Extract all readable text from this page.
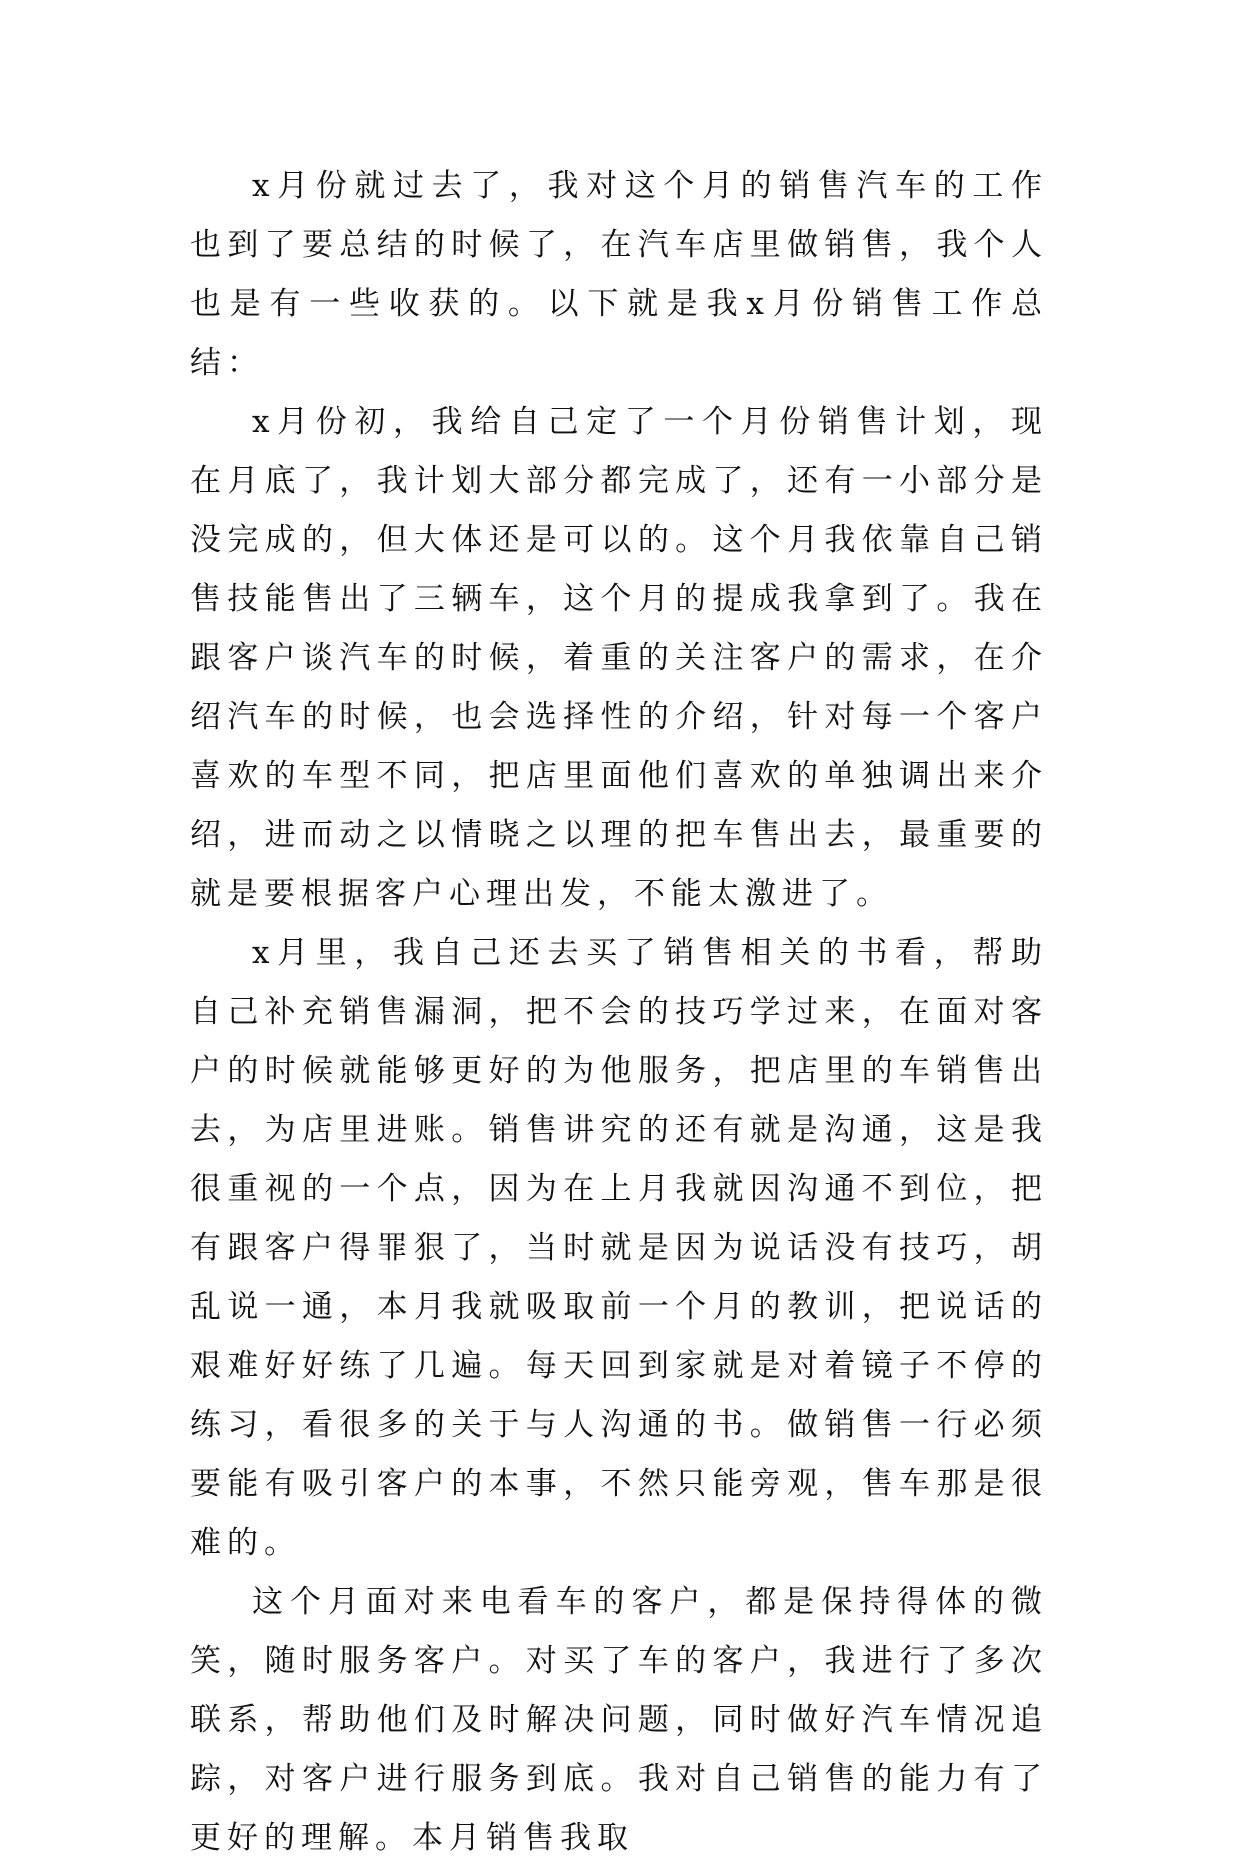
x月份就过去了，我对这个月的销售汽车的工作也到了要总结的时候了，在汽车店里做销售，我个人也是有一些收获的。以下就是我x月份销售工作总结：

x月份初，我给自己定了一个月份销售计划，现在月底了，我计划大部分都完成了，还有一小部分是没完成的，但大体还是可以的。这个月我依靠自己销售技能售出了三辆车，这个月的提成我拿到了。我在跟客户谈汽车的时候，着重的关注客户的需求，在介绍汽车的时候，也会选择性的介绍，针对每一个客户喜欢的车型不同，把店里面他们喜欢的单独调出来介绍，进而动之以情晓之以理的把车售出去，最重要的就是要根据客户心理出发，不能太激进了。

x月里，我自己还去买了销售相关的书看，帮助自己补充销售漏洞，把不会的技巧学过来，在面对客户的时候就能够更好的为他服务，把店里的车销售出去，为店里进账。销售讲究的还有就是沟通，这是我很重视的一个点，因为在上月我就因沟通不到位，把有跟客户得罪狠了，当时就是因为说话没有技巧，胡乱说一通，本月我就吸取前一个月的教训，把说话的艰难好好练了几遍。每天回到家就是对着镜子不停的练习，看很多的关于与人沟通的书。做销售一行必须要能有吸引客户的本事，不然只能旁观，售车那是很难的。

这个月面对来电看车的客户，都是保持得体的微笑，随时服务客户。对买了车的客户，我进行了多次联系，帮助他们及时解决问题，同时做好汽车情况追踪，对客户进行服务到底。我对自己销售的能力有了更好的理解。本月销售我取
